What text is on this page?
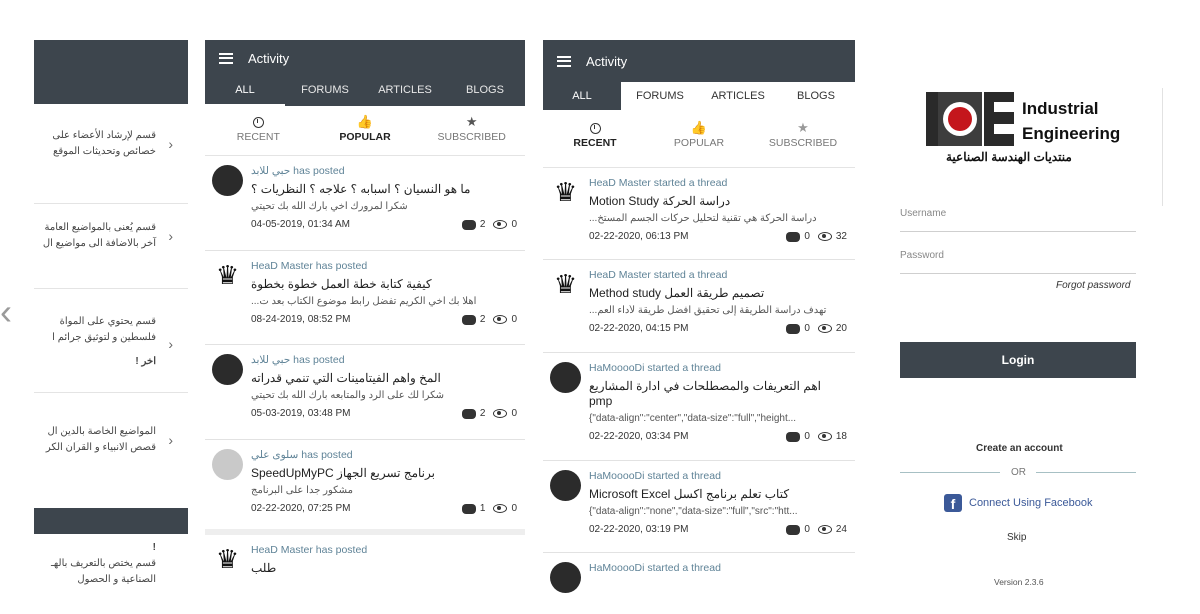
‹
قسم لإرشاد الأعضاء على
خصائص وتحديثات الموقع ›
قسم يُعنى بالمواضيع العامة
آخر بالاضافة الى مواضيع ال ›
قسم يحتوي على المواة
فلسطين و لتوثيق جرائم ا
اخر !
›
المواضيع الخاصة بالدين ال
قصص الانبياء و القران الكر ›
!
قسم يختص بالتعريف بالهـ
الصناعية و الحصول
Activity
ALL	FORUMS	ARTICLES	BLOGS
RECENT
👍
POPULAR
★
SUBSCRIBED
حبي للابد has posted
ما هو النسيان ؟ اسبابه ؟ علاجه ؟ النظريات ؟
شكرا لمرورك اخي بارك الله بك تحيتي
04-05-2019, 01:34 AM	2	0
♛	HeaD Master has posted
كيفية كتابة خطة العمل خطوة بخطوة
اهلا بك اخي الكريم تفضل رابط موضوع الكتاب بعد ت...
08-24-2019, 08:52 PM	2	0
حبي للابد has posted
المخ واهم الفيتامينات التي تنمي قدراته
شكرا لك على الرد والمتابعه بارك الله بك تحيتي
05-03-2019, 03:48 PM	2	0
سلوى علي has posted
برنامج تسريع الجهاز SpeedUpMyPC
مشكور جدا على البرنامج
02-22-2020, 07:25 PM	1	0
♛	HeaD Master has posted
طلب
Activity
ALL	FORUMS	ARTICLES	BLOGS
RECENT
👍
POPULAR
★
SUBSCRIBED
♛	HeaD Master started a thread
Motion Study دراسة الحركة
دراسة الحركة هي تقنية لتحليل حركات الجسم المستخ...
02-22-2020, 06:13 PM	0	32
♛	HeaD Master started a thread
Method study تصميم طريقة العمل
تهدف دراسة الطريقة إلى تحقيق أفضل طريقة لأداء العم...
02-22-2020, 04:15 PM	0	20
HaMooooDi started a thread
اهم التعريفات والمصطلحات في ادارة المشاريع
pmp
{"data-align":"center","data-size":"full","height...
02-22-2020, 03:34 PM	0	18
HaMooooDi started a thread
كتاب تعلم برنامج اكسل Microsoft Excel
{"data-align":"none","data-size":"full","src":"htt...
02-22-2020, 03:19 PM	0	24
HaMooooDi started a thread
Industrial
Engineering
منتديات الهندسة الصناعية
Username
Password
Forgot password
Login
Create an account
OR
f	Connect Using Facebook
Skip
Version 2.3.6
